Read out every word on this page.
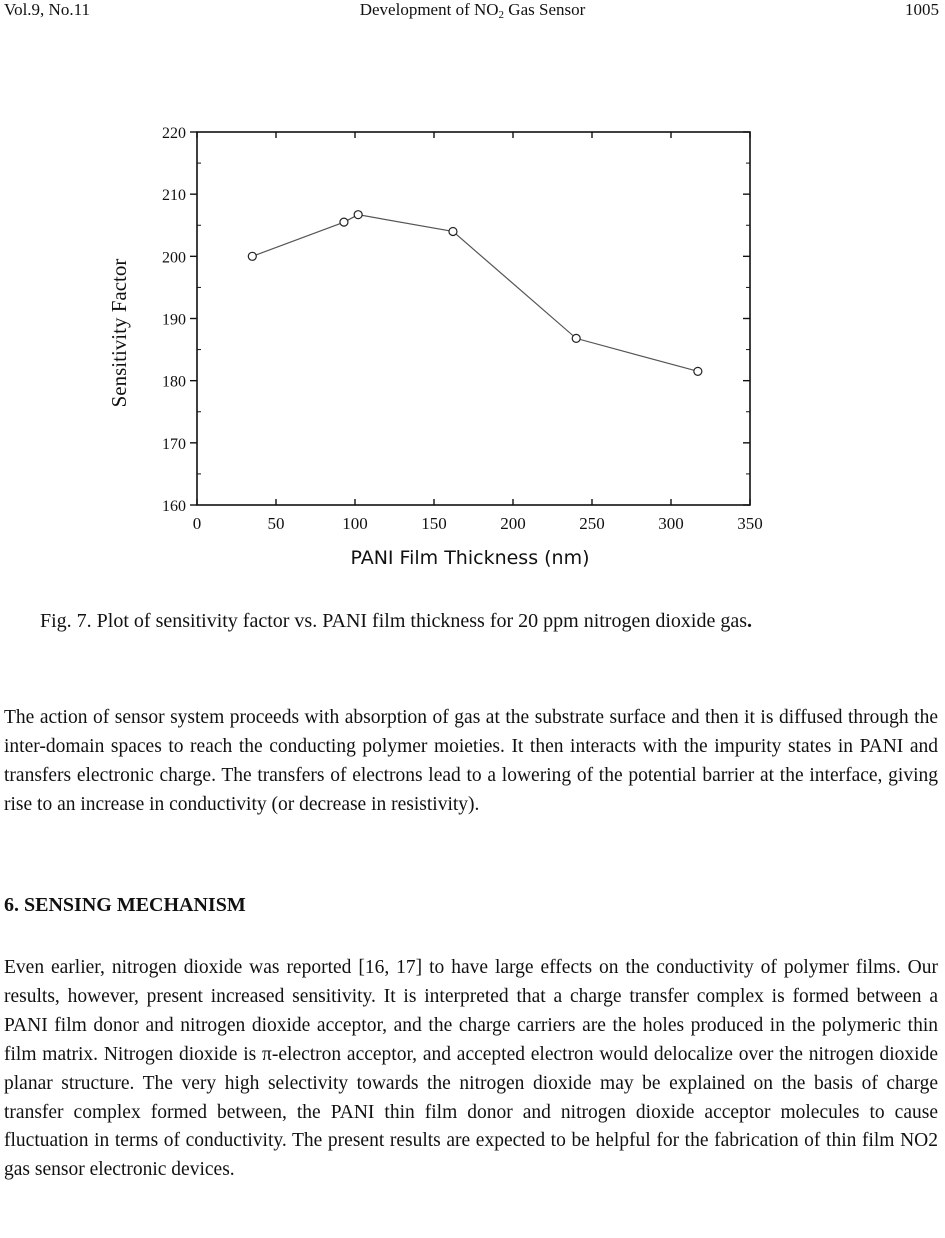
Vol.9, No.11	Development of $NO_2$ Gas Sensor	1005
0	50	100	150	200	250	300	350
160
170
180
190
200
210
220
PANI Film Thickness (nm)
Sensitivity Factor
Fig. 7. Plot of sensitivity factor vs. PANI film thickness for 20 ppm nitrogen dioxide gas.

The action of sensor system proceeds with absorption of gas at the substrate surface and then it is diffused through the inter-domain spaces to reach the conducting polymer moieties. It then interacts with the impurity states in PANI and transfers electronic charge. The transfers of electrons lead to a lowering of the potential barrier at the interface, giving rise to an increase in conductivity (or decrease in resistivity).

6. SENSING MECHANISM

Even earlier, nitrogen dioxide was reported [16, 17] to have large effects on the conductivity of polymer films. Our results, however, present increased sensitivity. It is interpreted that a charge transfer complex is formed between a PANI film donor and nitrogen dioxide acceptor, and the charge carriers are the holes produced in the polymeric thin film matrix. Nitrogen dioxide is π-electron acceptor, and accepted electron would delocalize over the nitrogen dioxide planar structure. The very high selectivity towards the nitrogen dioxide may be explained on the basis of charge transfer complex formed between, the PANI thin film donor and nitrogen dioxide acceptor molecules to cause fluctuation in terms of conductivity. The present results are expected to be helpful for the fabrication of thin film NO2 gas sensor electronic devices.
